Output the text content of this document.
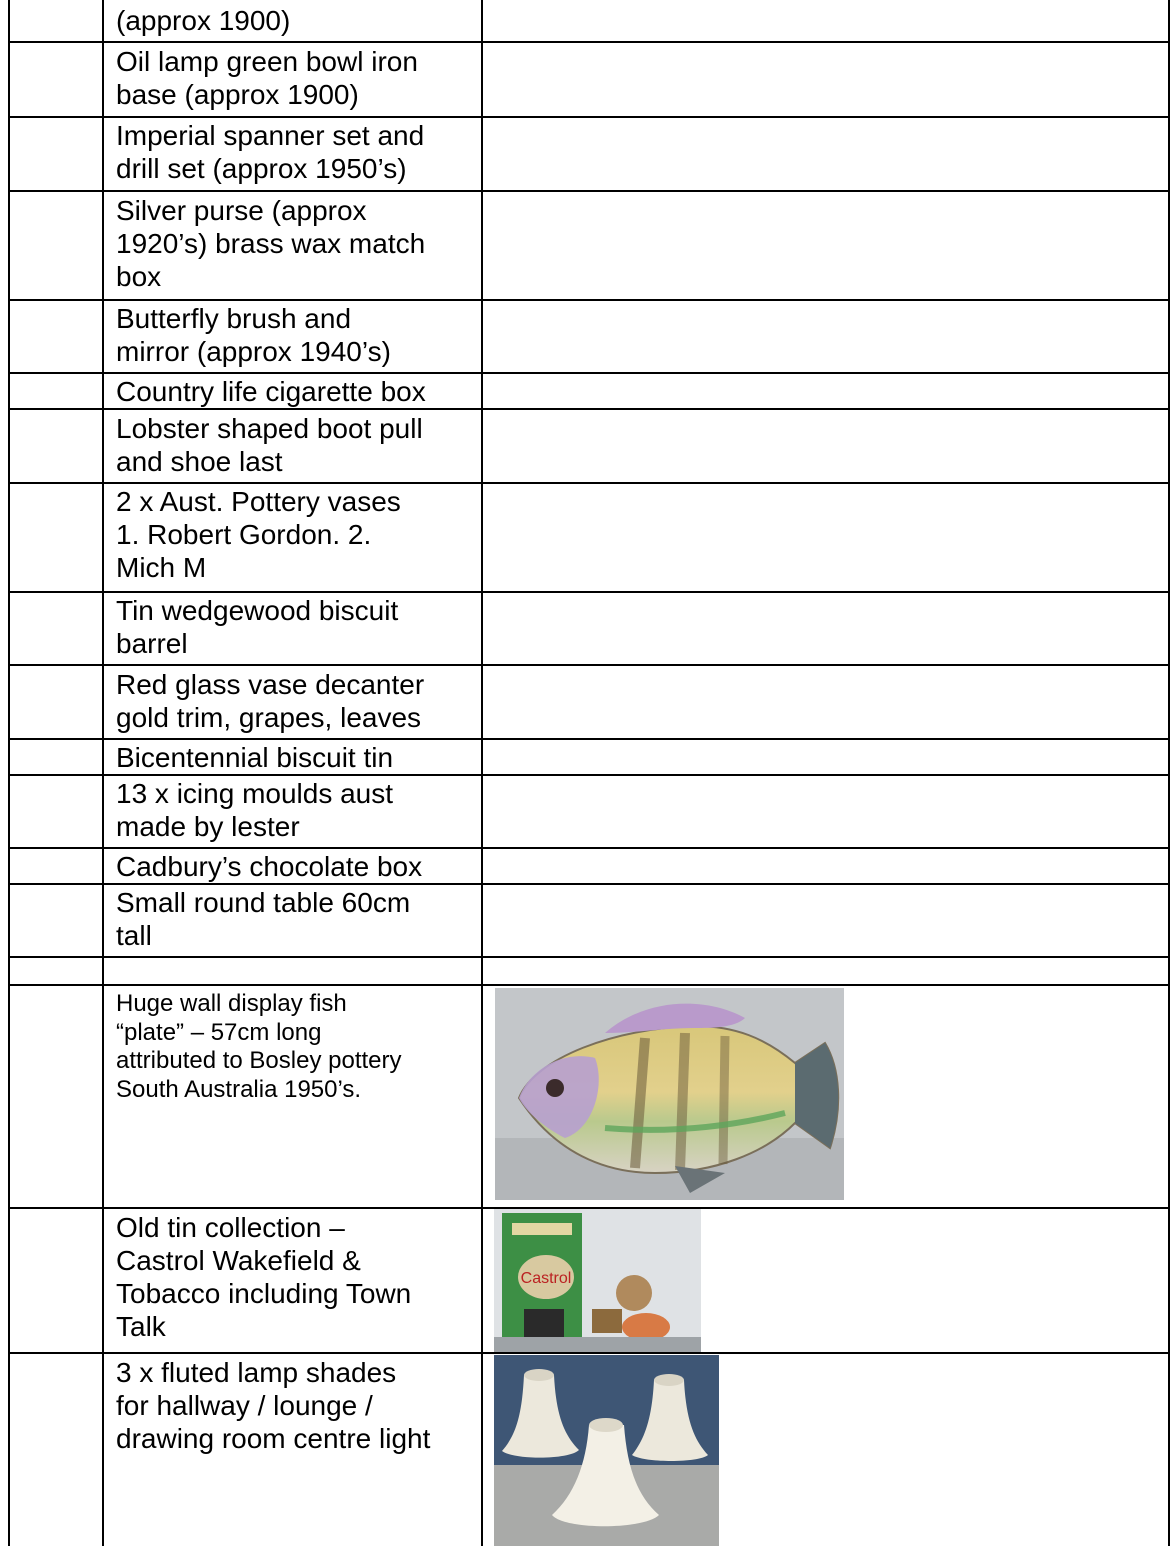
(approx 1900)
Oil lamp green bowl iron
base (approx 1900)
Imperial spanner set and
drill set (approx 1950’s)
Silver purse (approx
1920’s) brass wax match
box
Butterfly brush and
mirror (approx 1940’s)
Country life cigarette box
Lobster shaped boot pull
and shoe last
2 x Aust. Pottery vases
1. Robert Gordon. 2.
Mich M
Tin wedgewood biscuit
barrel
Red glass vase decanter
gold trim, grapes, leaves
Bicentennial biscuit tin
13 x icing moulds aust
made by lester
Cadbury’s chocolate box
Small round table 60cm
tall
Huge wall display fish
“plate” – 57cm long
attributed to Bosley pottery
South Australia 1950’s.
Old tin collection –
Castrol Wakefield &
Tobacco including Town
Talk
3 x fluted lamp shades
for hallway / lounge /
drawing room centre light
Castrol
